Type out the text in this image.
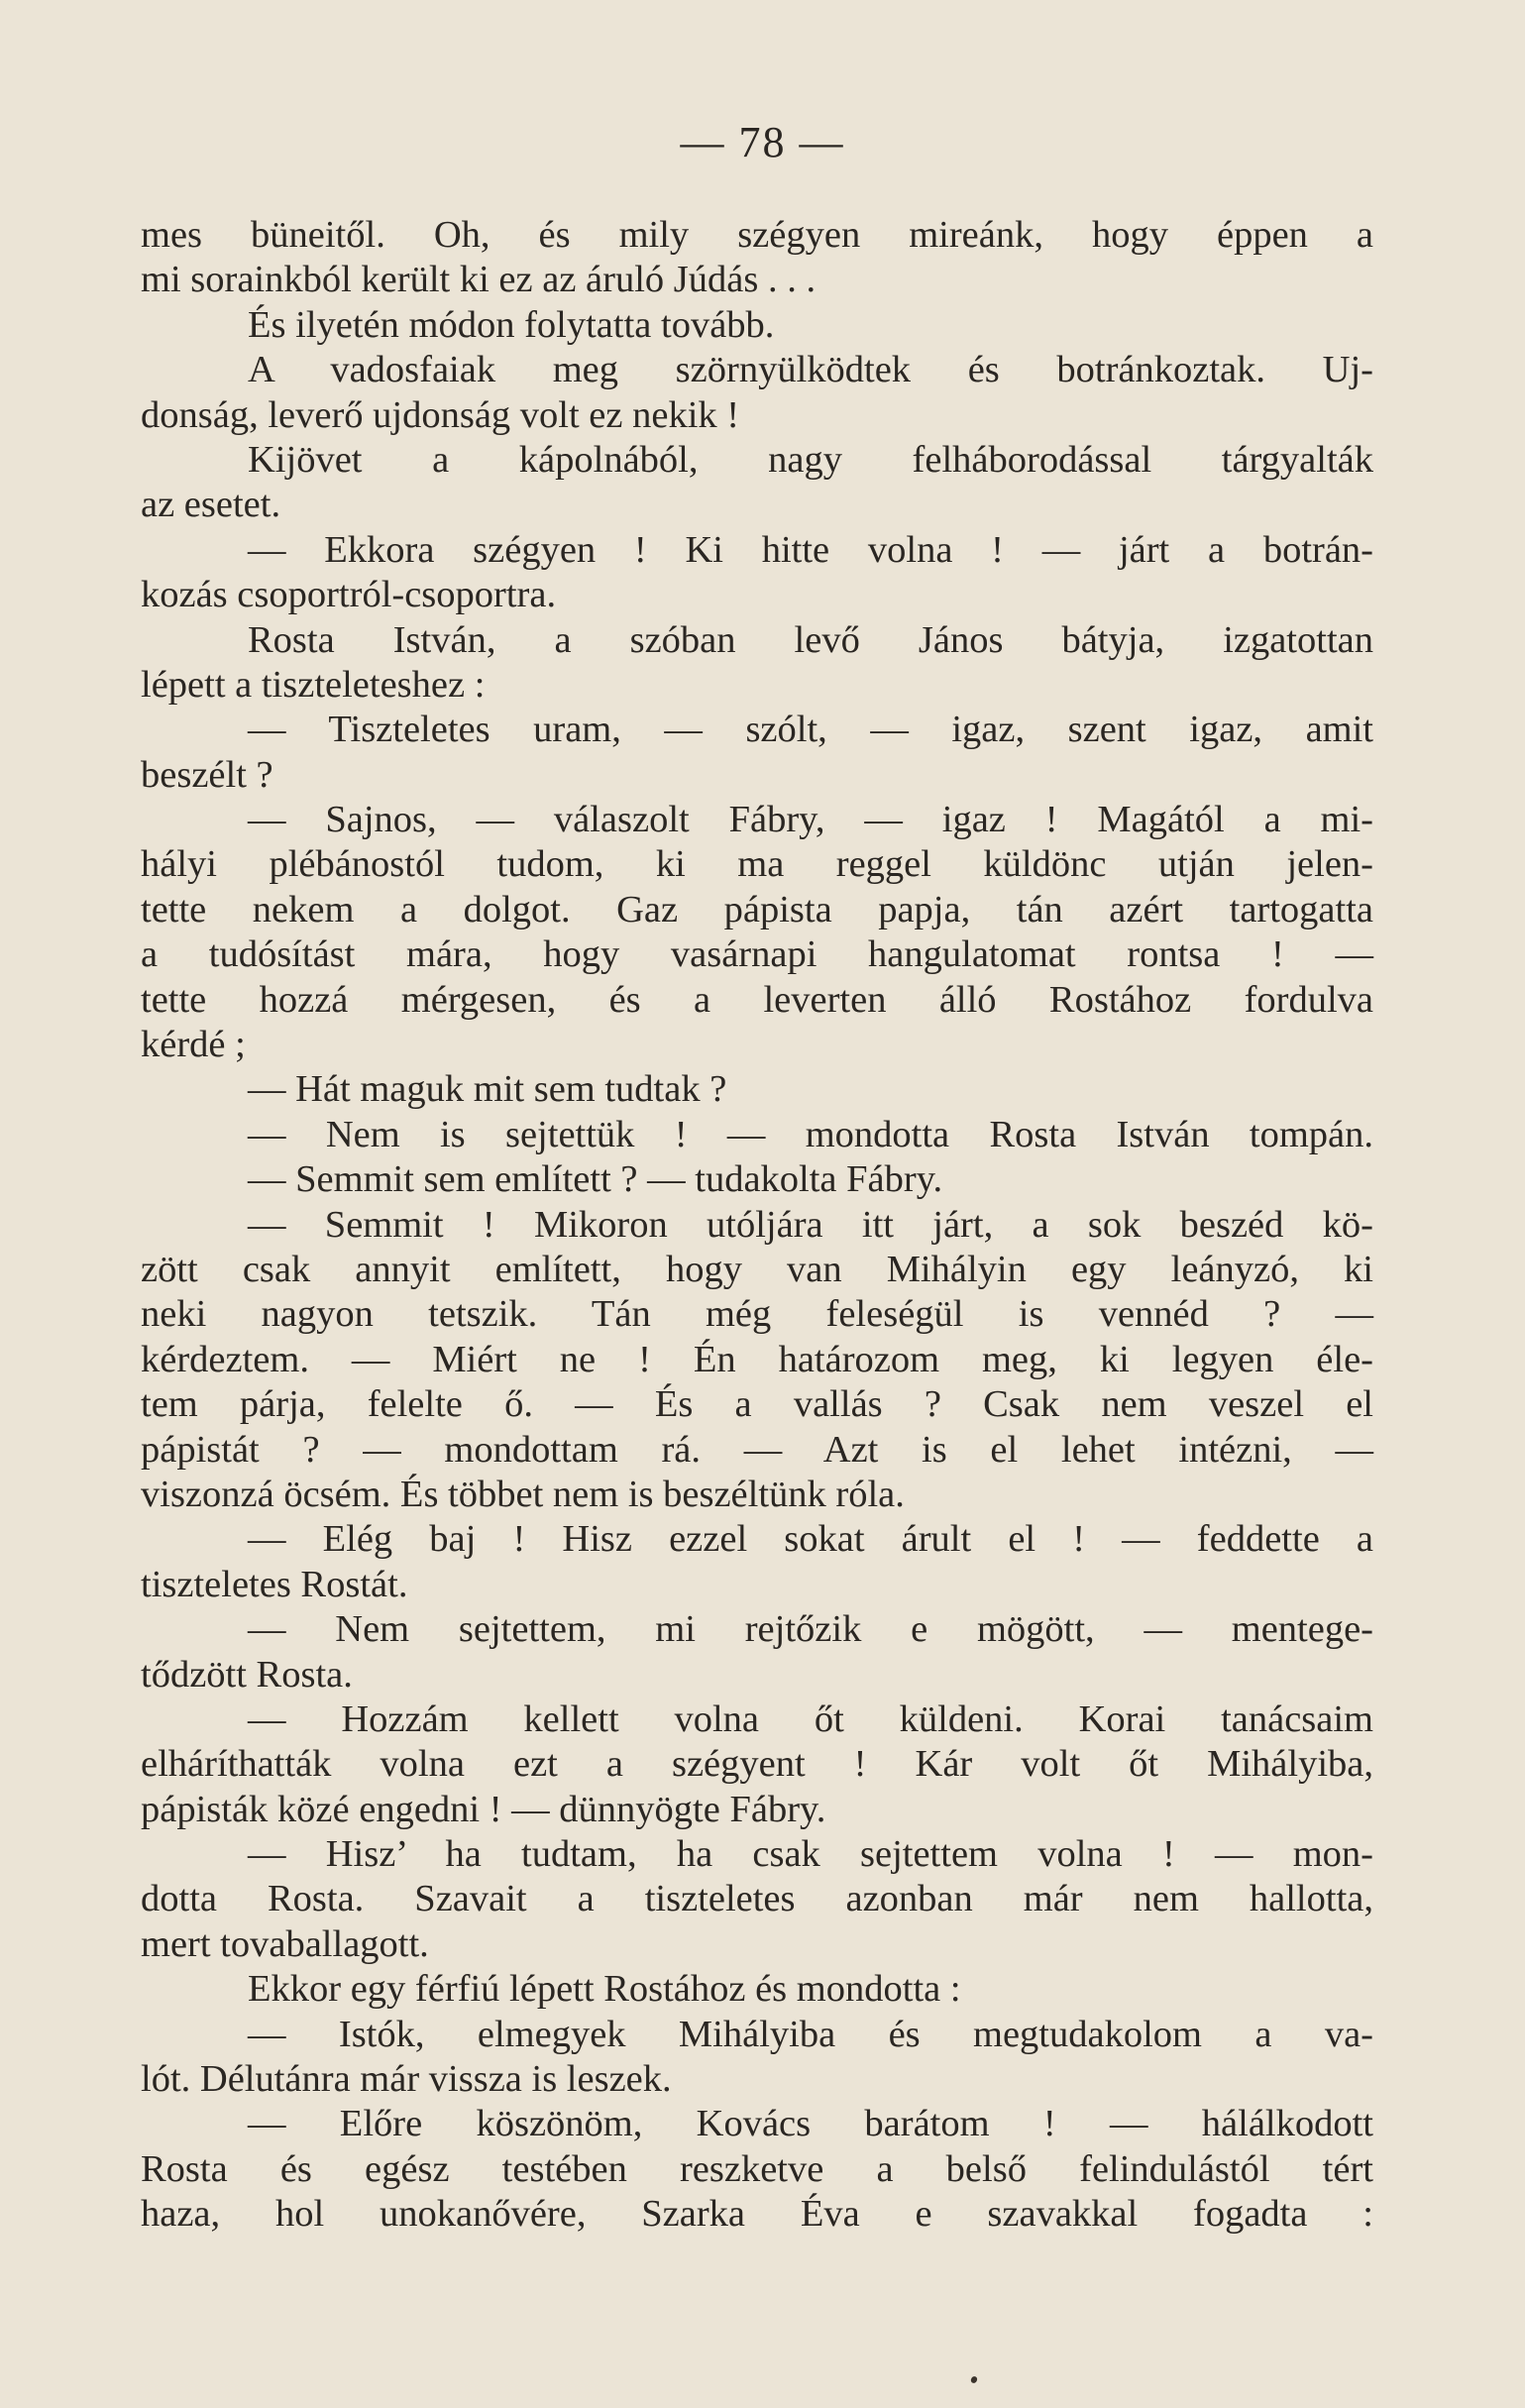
— 78 —
mes büneitől. Oh, és mily szégyen mireánk, hogy éppen a
mi sorainkból került ki ez az áruló Júdás . . .
És ilyetén módon folytatta tovább.
A vadosfaiak meg szörnyülködtek és botránkoztak. Uj-
donság, leverő ujdonság volt ez nekik !
Kijövet a kápolnából, nagy felháborodással tárgyalták
az esetet.
— Ekkora szégyen ! Ki hitte volna ! — járt a botrán-
kozás csoportról-csoportra.
Rosta István, a szóban levő János bátyja, izgatottan
lépett a tiszteleteshez :
— Tiszteletes uram, — szólt, — igaz, szent igaz, amit
beszélt ?
— Sajnos, — válaszolt Fábry, — igaz ! Magától a mi-
hályi plébánostól tudom, ki ma reggel küldönc utján jelen-
tette nekem a dolgot. Gaz pápista papja, tán azért tartogatta
a tudósítást mára, hogy vasárnapi hangulatomat rontsa ! —
tette hozzá mérgesen, és a leverten álló Rostához fordulva
kérdé ;
— Hát maguk mit sem tudtak ?
— Nem is sejtettük ! — mondotta Rosta István tompán.
— Semmit sem említett ? — tudakolta Fábry.
— Semmit ! Mikoron utóljára itt járt, a sok beszéd kö-
zött csak annyit említett, hogy van Mihályin egy leányzó, ki
neki nagyon tetszik. Tán még feleségül is vennéd ? —
kérdeztem. — Miért ne ! Én határozom meg, ki legyen éle-
tem párja, felelte ő. — És a vallás ? Csak nem veszel el
pápistát ? — mondottam rá. — Azt is el lehet intézni, —
viszonzá öcsém. És többet nem is beszéltünk róla.
— Elég baj ! Hisz ezzel sokat árult el ! — feddette a
tiszteletes Rostát.
— Nem sejtettem, mi rejtőzik e mögött, — mentege-
tődzött Rosta.
— Hozzám kellett volna őt küldeni. Korai tanácsaim
elháríthatták volna ezt a szégyent ! Kár volt őt Mihályiba,
pápisták közé engedni ! — dünnyögte Fábry.
— Hisz’ ha tudtam, ha csak sejtettem volna ! — mon-
dotta Rosta. Szavait a tiszteletes azonban már nem hallotta,
mert tovaballagott.
Ekkor egy férfiú lépett Rostához és mondotta :
— Istók, elmegyek Mihályiba és megtudakolom a va-
lót. Délutánra már vissza is leszek.
— Előre köszönöm, Kovács barátom ! — hálálkodott
Rosta és egész testében reszketve a belső felindulástól tért
haza, hol unokanővére, Szarka Éva e szavakkal fogadta :
